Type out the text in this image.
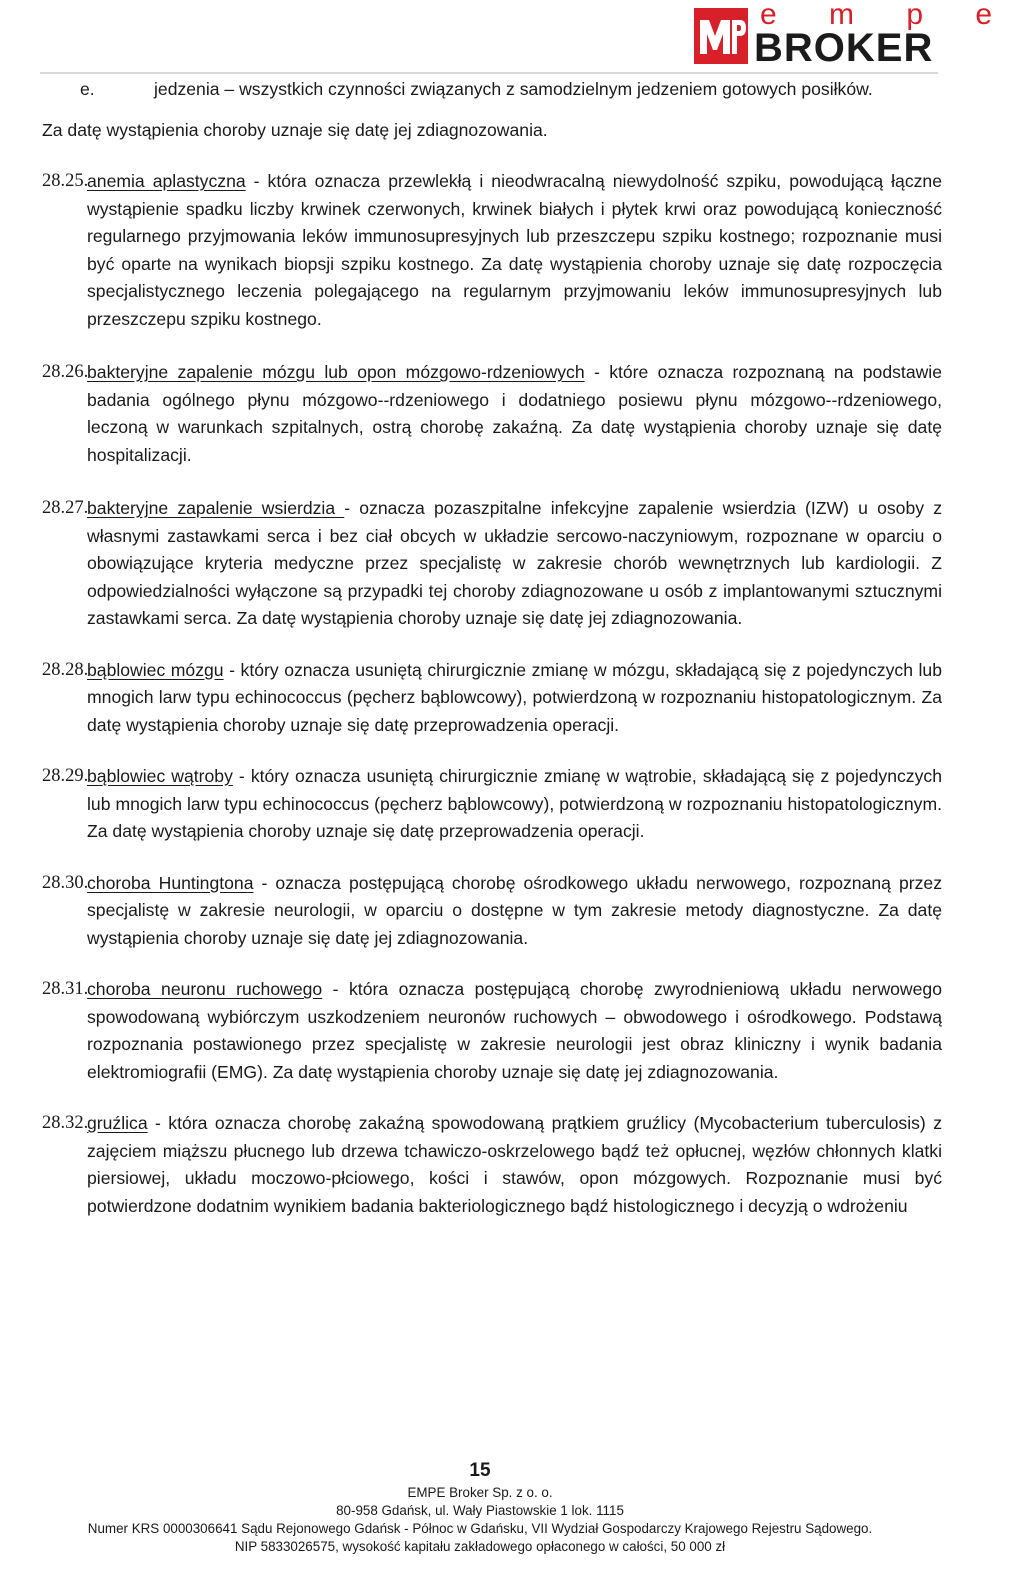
e m p e
BROKER

e.	jedzenia – wszystkich czynności związanych z samodzielnym jedzeniem gotowych posiłków.

Za datę wystąpienia choroby uznaje się datę jej zdiagnozowania.

28.25.
anemia aplastyczna - która oznacza przewlekłą i nieodwracalną niewydolność szpiku, powodującą łączne wystąpienie spadku liczby krwinek czerwonych, krwinek białych i płytek krwi oraz powodującą konieczność regularnego przyjmowania leków immunosupresyjnych lub przeszczepu szpiku kostnego; rozpoznanie musi być oparte na wynikach biopsji szpiku kostnego. Za datę wystąpienia choroby uznaje się datę rozpoczęcia specjalistycznego leczenia polegającego na regularnym przyjmowaniu leków immunosupresyjnych lub przeszczepu szpiku kostnego.

28.26.
bakteryjne zapalenie mózgu lub opon mózgowo-rdzeniowych - które oznacza rozpoznaną na podstawie badania ogólnego płynu mózgowo--rdzeniowego i dodatniego posiewu płynu mózgowo--rdzeniowego, leczoną w warunkach szpitalnych, ostrą chorobę zakaźną. Za datę wystąpienia choroby uznaje się datę hospitalizacji.

28.27.
bakteryjne zapalenie wsierdzia - oznacza pozaszpitalne infekcyjne zapalenie wsierdzia (IZW) u osoby z własnymi zastawkami serca i bez ciał obcych w układzie sercowo-naczyniowym, rozpoznane w oparciu o obowiązujące kryteria medyczne przez specjalistę w zakresie chorób wewnętrznych lub kardiologii. Z odpowiedzialności wyłączone są przypadki tej choroby zdiagnozowane u osób z implantowanymi sztucznymi zastawkami serca. Za datę wystąpienia choroby uznaje się datę jej zdiagnozowania.

28.28.
bąblowiec mózgu - który oznacza usuniętą chirurgicznie zmianę w mózgu, składającą się z pojedynczych lub mnogich larw typu echinococcus (pęcherz bąblowcowy), potwierdzoną w rozpoznaniu histopatologicznym. Za datę wystąpienia choroby uznaje się datę przeprowadzenia operacji.

28.29.
bąblowiec wątroby - który oznacza usuniętą chirurgicznie zmianę w wątrobie, składającą się z pojedynczych lub mnogich larw typu echinococcus (pęcherz bąblowcowy), potwierdzoną w rozpoznaniu histopatologicznym. Za datę wystąpienia choroby uznaje się datę przeprowadzenia operacji.

28.30.
choroba Huntingtona - oznacza postępującą chorobę ośrodkowego układu nerwowego, rozpoznaną przez specjalistę w zakresie neurologii, w oparciu o dostępne w tym zakresie metody diagnostyczne. Za datę wystąpienia choroby uznaje się datę jej zdiagnozowania.

28.31.
choroba neuronu ruchowego - która oznacza postępującą chorobę zwyrodnieniową układu nerwowego spowodowaną wybiórczym uszkodzeniem neuronów ruchowych – obwodowego i ośrodkowego. Podstawą rozpoznania postawionego przez specjalistę w zakresie neurologii jest obraz kliniczny i wynik badania elektromiografii (EMG). Za datę wystąpienia choroby uznaje się datę jej zdiagnozowania.

28.32.
gruźlica - która oznacza chorobę zakaźną spowodowaną prątkiem gruźlicy (Mycobacterium tuberculosis) z zajęciem miąższu płucnego lub drzewa tchawiczo-oskrzelowego bądź też opłucnej, węzłów chłonnych klatki piersiowej, układu moczowo-płciowego, kości i stawów, opon mózgowych. Rozpoznanie musi być potwierdzone dodatnim wynikiem badania bakteriologicznego bądź histologicznego i decyzją o wdrożeniu

15
EMPE Broker Sp. z o. o.
80-958 Gdańsk, ul. Wały Piastowskie 1 lok. 1115
Numer KRS 0000306641 Sądu Rejonowego Gdańsk - Północ w Gdańsku, VII Wydział Gospodarczy Krajowego Rejestru Sądowego.
NIP 5833026575, wysokość kapitału zakładowego opłaconego w całości, 50 000 zł
